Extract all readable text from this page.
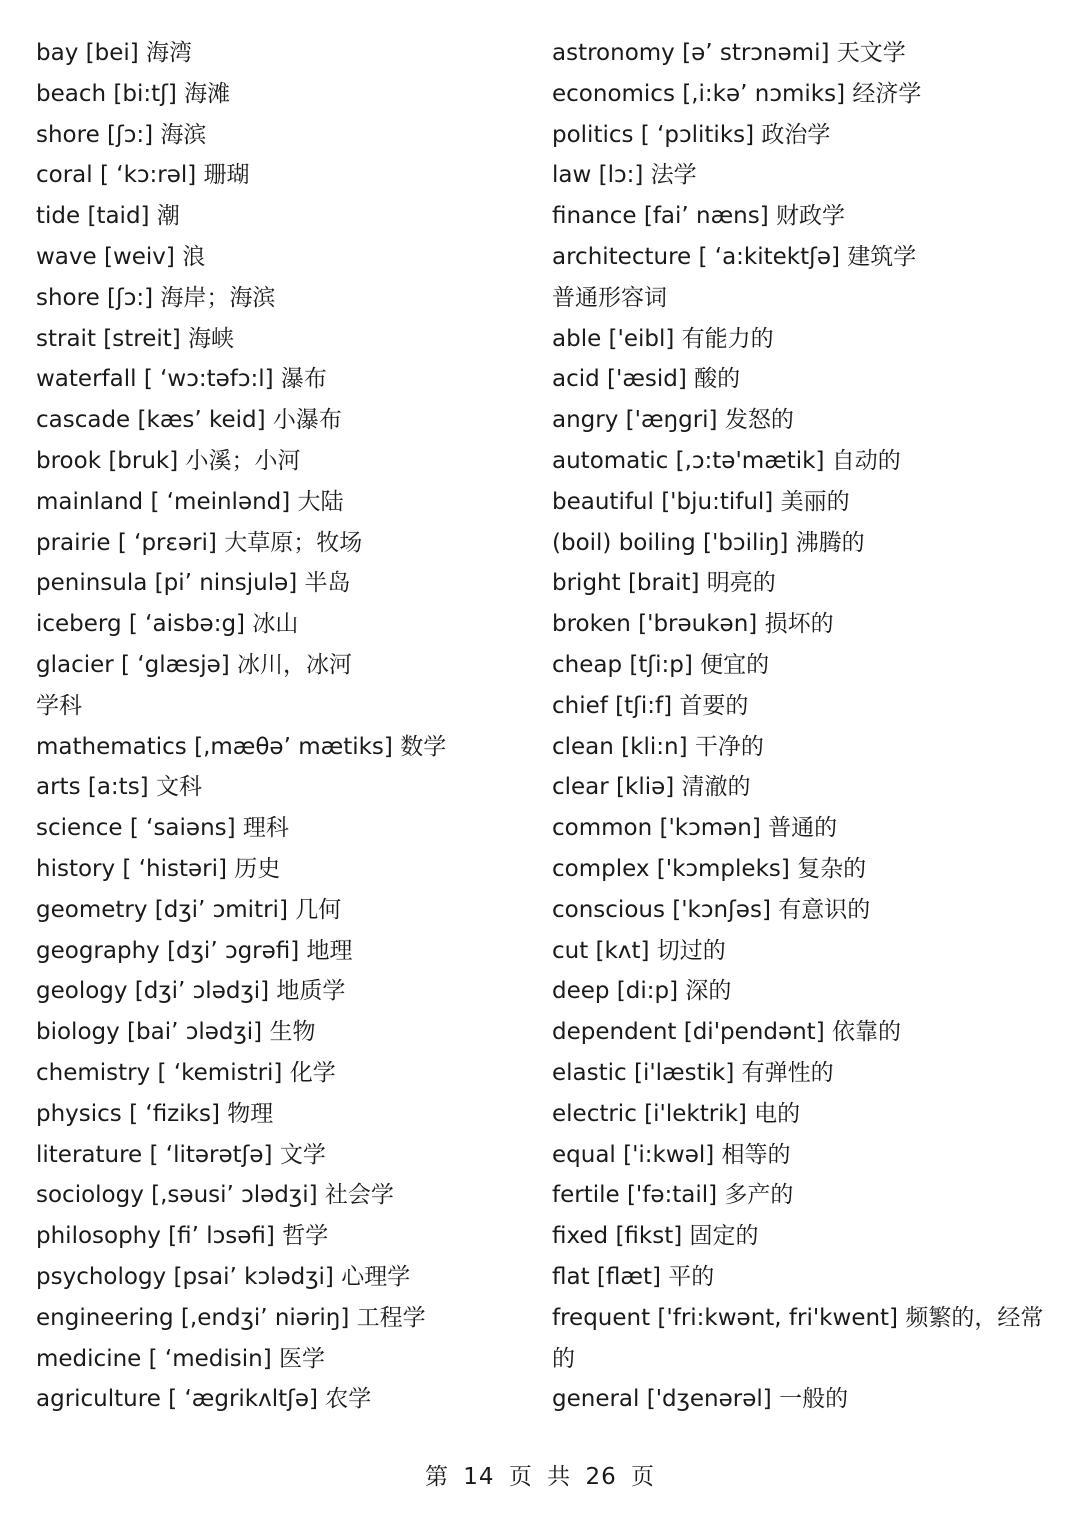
bay [bei] 海湾
beach [bi:tʃ] 海滩
shore [ʃɔ:] 海滨
coral [ ‘kɔ:rəl] 珊瑚
tide [taid] 潮
wave [weiv] 浪
shore [ʃɔ:] 海岸；海滨
strait [streit] 海峡
waterfall [ ‘wɔ:təfɔ:l] 瀑布
cascade [kæs’ keid] 小瀑布
brook [bruk] 小溪；小河
mainland [ ‘meinlənd] 大陆
prairie [ ‘prεəri] 大草原；牧场
peninsula [pi’ ninsjulə] 半岛
iceberg [ ‘aisbə:g] 冰山
glacier [ ‘glæsjə] 冰川，冰河
学科
mathematics [,mæθə’ mætiks] 数学
arts [a:ts] 文科
science [ ‘saiəns] 理科
history [ ‘histəri] 历史
geometry [dʒi’ ɔmitri] 几何
geography [dʒi’ ɔgrəfi] 地理
geology [dʒi’ ɔlədʒi] 地质学
biology [bai’ ɔlədʒi] 生物
chemistry [ ‘kemistri] 化学
physics [ ‘fiziks] 物理
literature [ ‘litərətʃə] 文学
sociology [,səusi’ ɔlədʒi] 社会学
philosophy [fi’ lɔsəfi] 哲学
psychology [psai’ kɔlədʒi] 心理学
engineering [,endʒi’ niəriŋ] 工程学
medicine [ ‘medisin] 医学
agriculture [ ‘ægrikʌltʃə] 农学
astronomy [ə’ strɔnəmi] 天文学
economics [,i:kə’ nɔmiks] 经济学
politics [ ‘pɔlitiks] 政治学
law [lɔ:] 法学
finance [fai’ næns] 财政学
architecture [ ‘a:kitektʃə] 建筑学
普通形容词
able ['eibl] 有能力的
acid ['æsid] 酸的
angry ['æŋgri] 发怒的
automatic [,ɔ:tə'mætik] 自动的
beautiful ['bju:tiful] 美丽的
(boil) boiling ['bɔiliŋ] 沸腾的
bright [brait] 明亮的
broken ['brəukən] 损坏的
cheap [tʃi:p] 便宜的
chief [tʃi:f] 首要的
clean [kli:n] 干净的
clear [kliə] 清澈的
common ['kɔmən] 普通的
complex ['kɔmpleks] 复杂的
conscious ['kɔnʃəs] 有意识的
cut [kʌt] 切过的
deep [di:p] 深的
dependent [di'pendənt] 依靠的
elastic [i'læstik] 有弹性的
electric [i'lektrik] 电的
equal ['i:kwəl] 相等的
fertile ['fə:tail] 多产的
fixed [fikst] 固定的
flat [flæt] 平的
frequent ['fri:kwənt, fri'kwent] 频繁的，经常
的
general ['dʒenərəl] 一般的
第 14 页 共 26 页
